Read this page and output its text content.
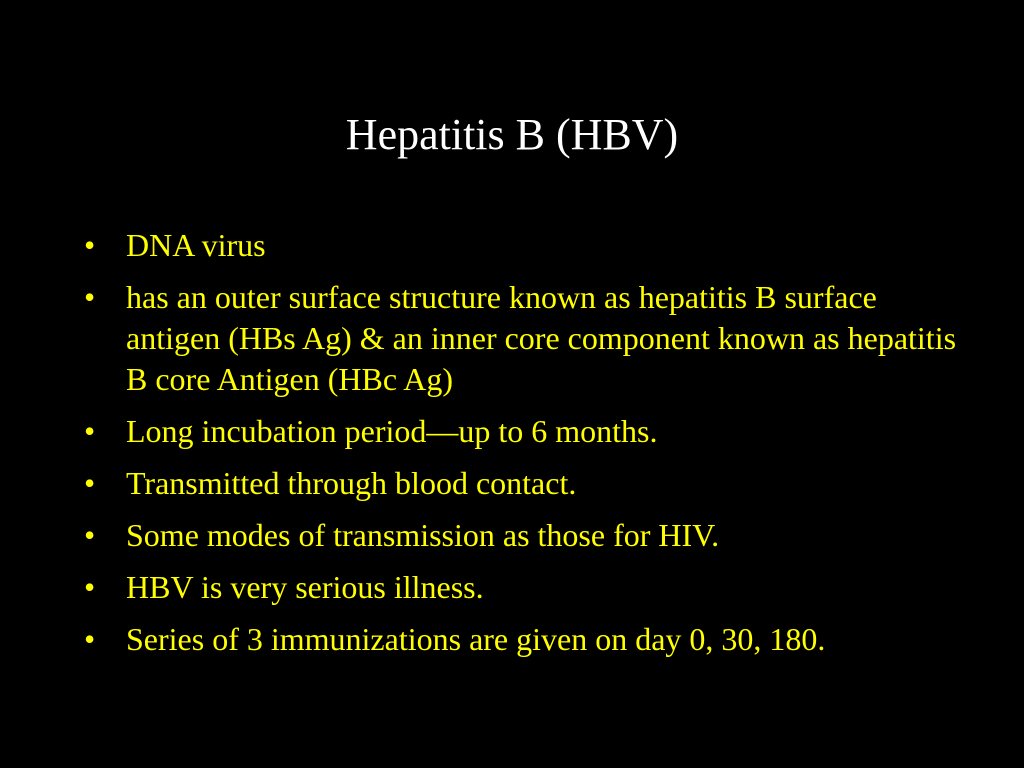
Hepatitis B (HBV)
• DNA virus
• has an outer surface structure known as hepatitis B surface antigen (HBs Ag) & an inner core component known as hepatitis B core Antigen (HBc Ag)
• Long incubation period—up to 6 months.
• Transmitted through blood contact.
• Some modes of transmission as those for HIV.
• HBV is very serious illness.
• Series of 3 immunizations are given on day 0, 30, 180.
